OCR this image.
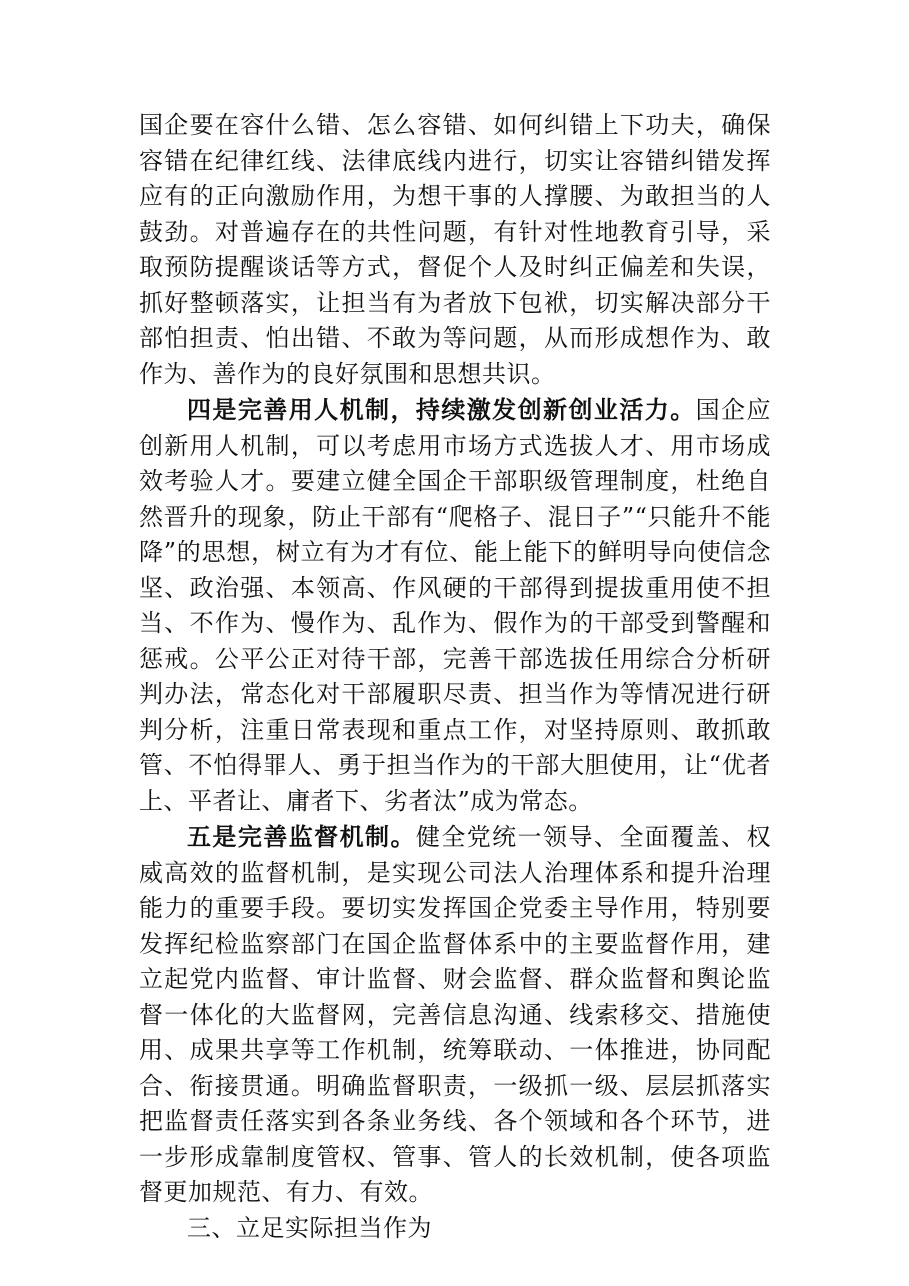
国企要在容什么错、怎么容错、如何纠错上下功夫，确保容错在纪律红线、法律底线内进行，切实让容错纠错发挥应有的正向激励作用，为想干事的人撑腰、为敢担当的人鼓劲。对普遍存在的共性问题，有针对性地教育引导，采取预防提醒谈话等方式，督促个人及时纠正偏差和失误，抓好整顿落实，让担当有为者放下包袱，切实解决部分干部怕担责、怕出错、不敢为等问题，从而形成想作为、敢作为、善作为的良好氛围和思想共识。

四是完善用人机制，持续激发创新创业活力。国企应创新用人机制，可以考虑用市场方式选拔人才、用市场成效考验人才。要建立健全国企干部职级管理制度，杜绝自然晋升的现象，防止干部有“爬格子、混日子”“只能升不能降”的思想，树立有为才有位、能上能下的鲜明导向使信念坚、政治强、本领高、作风硬的干部得到提拔重用使不担当、不作为、慢作为、乱作为、假作为的干部受到警醒和惩戒。公平公正对待干部，完善干部选拔任用综合分析研判办法，常态化对干部履职尽责、担当作为等情况进行研判分析，注重日常表现和重点工作，对坚持原则、敢抓敢管、不怕得罪人、勇于担当作为的干部大胆使用，让“优者上、平者让、庸者下、劣者汰”成为常态。

五是完善监督机制。健全党统一领导、全面覆盖、权威高效的监督机制，是实现公司法人治理体系和提升治理能力的重要手段。要切实发挥国企党委主导作用，特别要发挥纪检监察部门在国企监督体系中的主要监督作用，建立起党内监督、审计监督、财会监督、群众监督和舆论监督一体化的大监督网，完善信息沟通、线索移交、措施使用、成果共享等工作机制，统筹联动、一体推进，协同配合、衔接贯通。明确监督职责，一级抓一级、层层抓落实把监督责任落实到各条业务线、各个领域和各个环节，进一步形成靠制度管权、管事、管人的长效机制，使各项监督更加规范、有力、有效。

三、立足实际担当作为
